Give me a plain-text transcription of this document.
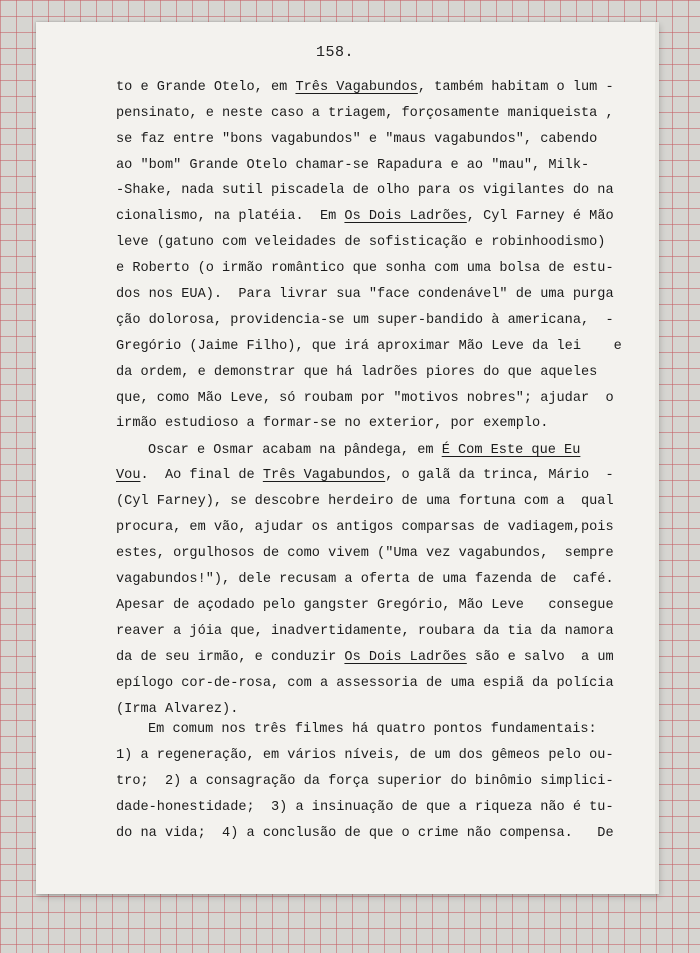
158.
to e Grande Otelo, em Três Vagabundos , também habitam o lum -
pensinato, e neste caso a triagem, forçosamente maniqueista ,
se faz entre "bons vagabundos" e "maus vagabundos", cabendo
ao "bom" Grande Otelo chamar-se Rapadura e ao "mau", Milk-
-Shake, nada sutil piscadela de olho para os vigilantes do na
cionalismo, na platéia.  Em Os Dois Ladrões , Cyl Farney é Mão
leve (gatuno com veleidades de sofisticação e robinhoodismo)
e Roberto (o irmão romântico que sonha com uma bolsa de estu-
dos nos EUA).  Para livrar sua "face condenável" de uma purga
ção dolorosa, providencia-se um super-bandido à americana,  -
Gregório (Jaime Filho), que irá aproximar Mão Leve da lei    e
da ordem, e demonstrar que há ladrões piores do que aqueles
que, como Mão Leve, só roubam por "motivos nobres"; ajudar  o
irmão estudioso a formar-se no exterior, por exemplo.
Oscar e Osmar acabam na pândega, em É Com Este que Eu
Vou .  Ao final de Três Vagabundos , o galã da trinca, Mário  -
(Cyl Farney), se descobre herdeiro de uma fortuna com a  qual
procura, em vão, ajudar os antigos comparsas de vadiagem,pois
estes, orgulhosos de como vivem ("Uma vez vagabundos,  sempre
vagabundos!"), dele recusam a oferta de uma fazenda de  café.
Apesar de açodado pelo gangster Gregório, Mão Leve   consegue
reaver a jóia que, inadvertidamente, roubara da tia da namora
da de seu irmão, e conduzir Os Dois Ladrões são e salvo  a um
epílogo cor-de-rosa, com a assessoria de uma espiã da polícia
(Irma Alvarez).
Em comum nos três filmes há quatro pontos fundamentais:
1) a regeneração, em vários níveis, de um dos gêmeos pelo ou-
tro;  2) a consagração da força superior do binômio simplici-
dade-honestidade;  3) a insinuação de que a riqueza não é tu-
do na vida;  4) a conclusão de que o crime não compensa.   De
